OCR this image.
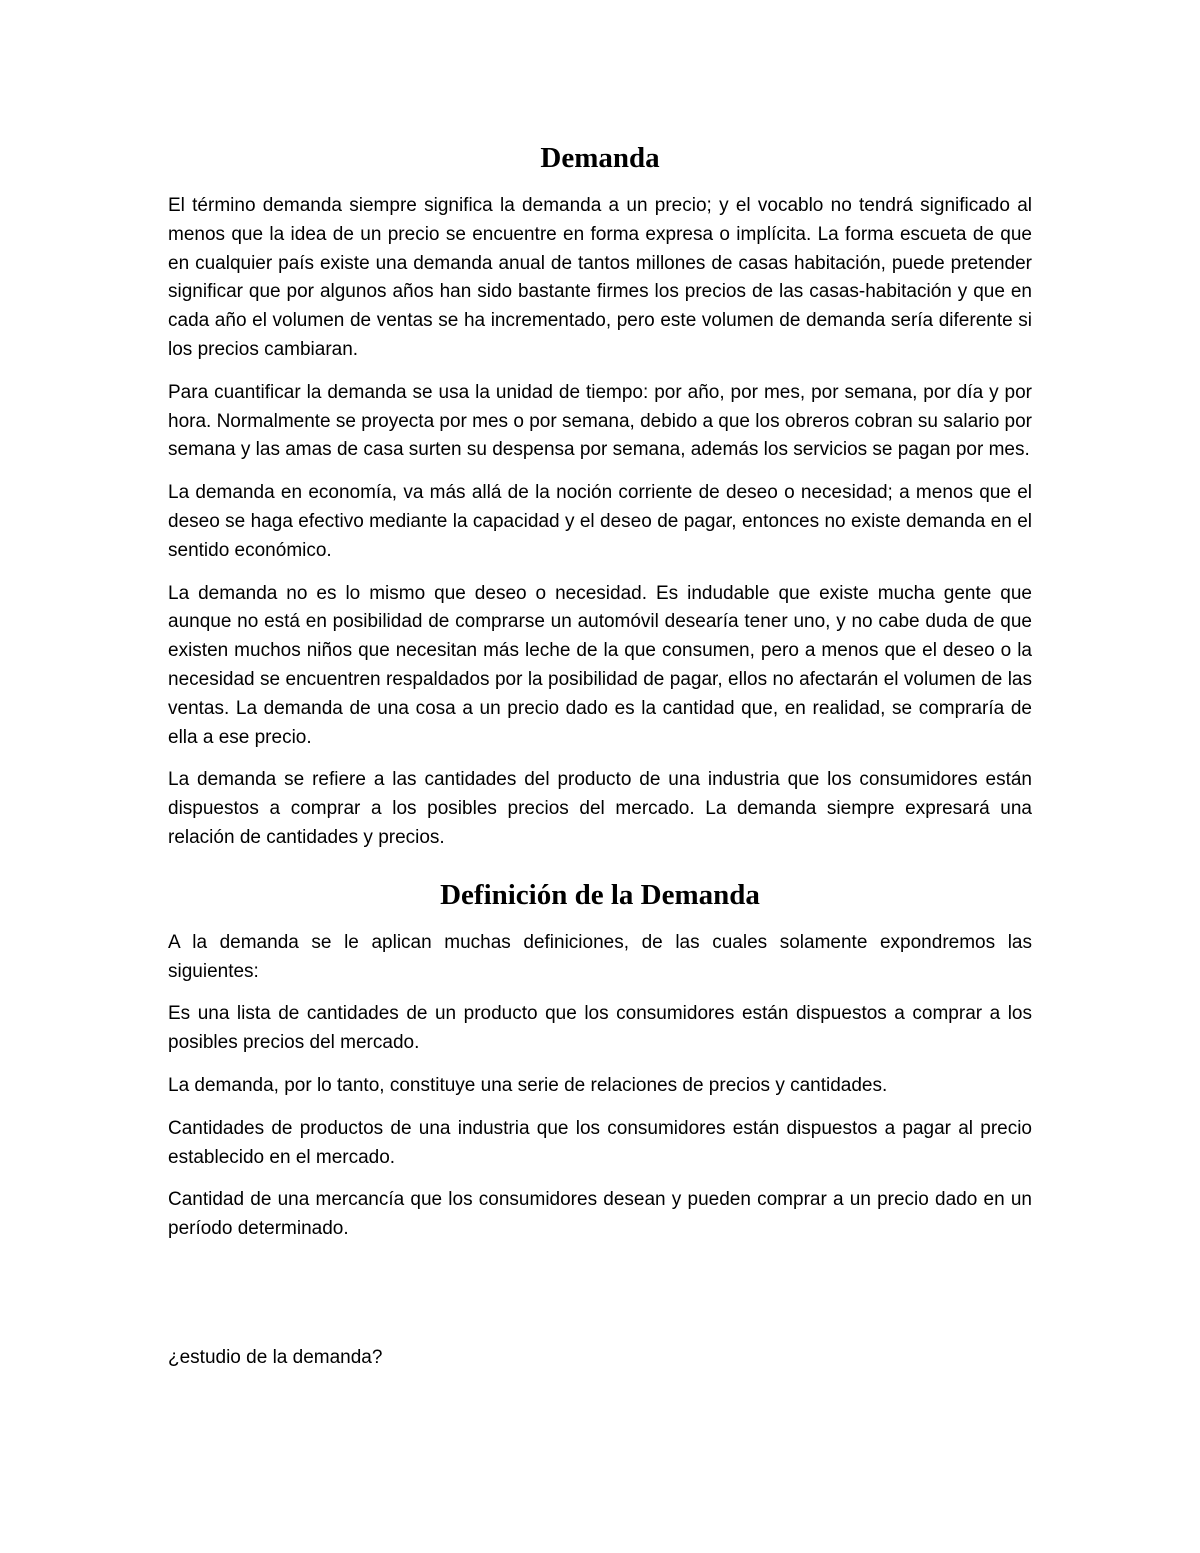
Demanda

El término demanda siempre significa la demanda a un precio; y el vocablo no tendrá significado al menos que la idea de un precio se encuentre en forma expresa o implícita. La forma escueta de que en cualquier país existe una demanda anual de tantos millones de casas habitación, puede pretender significar que por algunos años han sido bastante firmes los precios de las casas-habitación y que en cada año el volumen de ventas se ha incrementado, pero este volumen de demanda sería diferente si los precios cambiaran.

Para cuantificar la demanda se usa la unidad de tiempo: por año, por mes, por semana, por día y por hora. Normalmente se proyecta por mes o por semana, debido a que los obreros cobran su salario por semana y las amas de casa surten su despensa por semana, además los servicios se pagan por mes.

La demanda en economía, va más allá de la noción corriente de deseo o necesidad; a menos que el deseo se haga efectivo mediante la capacidad y el deseo de pagar, entonces no existe demanda en el sentido económico.

La demanda no es lo mismo que deseo o necesidad. Es indudable que existe mucha gente que aunque no está en posibilidad de comprarse un automóvil desearía tener uno, y no cabe duda de que existen muchos niños que necesitan más leche de la que consumen, pero a menos que el deseo o la necesidad se encuentren respaldados por la posibilidad de pagar, ellos no afectarán el volumen de las ventas. La demanda de una cosa a un precio dado es la cantidad que, en realidad, se compraría de ella a ese precio.

La demanda se refiere a las cantidades del producto de una industria que los consumidores están dispuestos a comprar a los posibles precios del mercado. La demanda siempre expresará una relación de cantidades y precios.

Definición de la Demanda

A la demanda se le aplican muchas definiciones, de las cuales solamente expondremos las siguientes:

Es una lista de cantidades de un producto que los consumidores están dispuestos a comprar a los posibles precios del mercado.

La demanda, por lo tanto, constituye una serie de relaciones de precios y cantidades.

Cantidades de productos de una industria que los consumidores están dispuestos a pagar al precio establecido en el mercado.

Cantidad de una mercancía que los consumidores desean y pueden comprar a un precio dado en un período determinado.

¿estudio de la demanda?
